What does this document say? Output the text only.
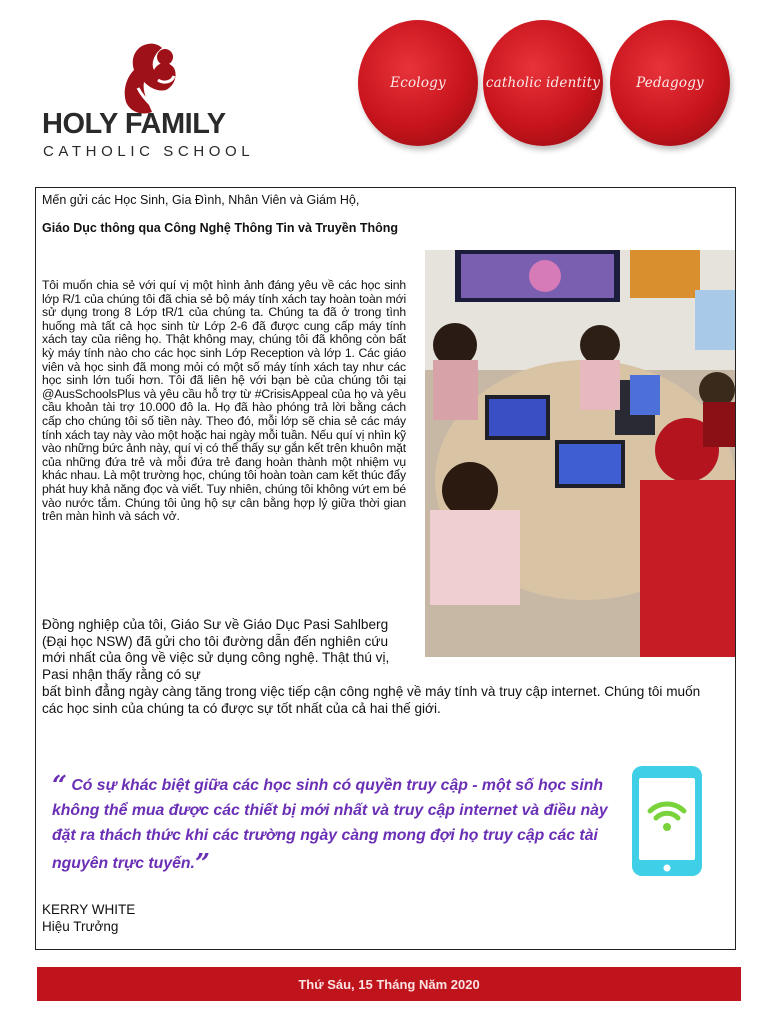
HOLY FAMILY
CATHOLIC SCHOOL
Ecology	catholic identity	Pedagogy
Mến gửi các Học Sinh, Gia Đình, Nhân Viên và Giám Hộ,
Giáo Dục thông qua Công Nghệ Thông Tin và Truyền Thông
Tôi muốn chia sẻ với quí vị một hình ảnh đáng yêu về các học sinh lớp R/1 của chúng tôi đã chia sẻ bộ máy tính xách tay hoàn toàn mới sử dụng trong 8 Lớp tR/1 của chúng ta. Chúng ta đã ở trong tình huống mà tất cả học sinh từ Lớp 2-6 đã được cung cấp máy tính xách tay của riêng họ. Thật không may, chúng tôi đã không còn bất kỳ máy tính nào cho các học sinh Lớp Reception và lớp 1. Các giáo viên và học sinh đã mong mỏi có một số máy tính xách tay như các học sinh lớn tuổi hơn. Tôi đã liên hệ với bạn bè của chúng tôi tại @AusSchoolsPlus và yêu cầu hỗ trợ từ #CrisisAppeal của họ và yêu cầu khoản tài trợ 10.000 đô la. Họ đã hào phóng trả lời bằng cách cấp cho chúng tôi số tiền này. Theo đó, mỗi lớp sẽ chia sẻ các máy tính xách tay này vào một hoặc hai ngày mỗi tuần. Nếu quí vị nhìn kỹ vào những bức ảnh này, quí vị có thể thấy sự gắn kết trên khuôn mặt của những đứa trẻ và mỗi đứa trẻ đang hoàn thành một nhiệm vụ khác nhau. Là một trường học, chúng tôi hoàn toàn cam kết thúc đẩy phát huy khả năng đọc và viết. Tuy nhiên, chúng tôi không vứt em bé vào nước tắm. Chúng tôi ủng hộ sự cân bằng hợp lý giữa thời gian trên màn hình và sách vở.
Đồng nghiệp của tôi, Giáo Sư về Giáo Dục Pasi Sahlberg (Đại học NSW) đã gửi cho tôi đường dẫn đến nghiên cứu mới nhất của ông về việc sử dụng công nghệ. Thật thú vị, Pasi nhận thấy rằng có sự
bất bình đẳng ngày càng tăng trong việc tiếp cận công nghệ về máy tính và truy cập internet. Chúng tôi muốn các học sinh của chúng ta có được sự tốt nhất của cả hai thế giới.
“ Có sự khác biệt giữa các học sinh có quyền truy cập - một số học sinh không thể mua được các thiết bị mới nhất và truy cập internet và điều này đặt ra thách thức khi các trường ngày càng mong đợi họ truy cập các tài nguyên trực tuyến.”
KERRY WHITE
Hiệu Trưởng
Thứ Sáu, 15 Tháng Năm 2020
